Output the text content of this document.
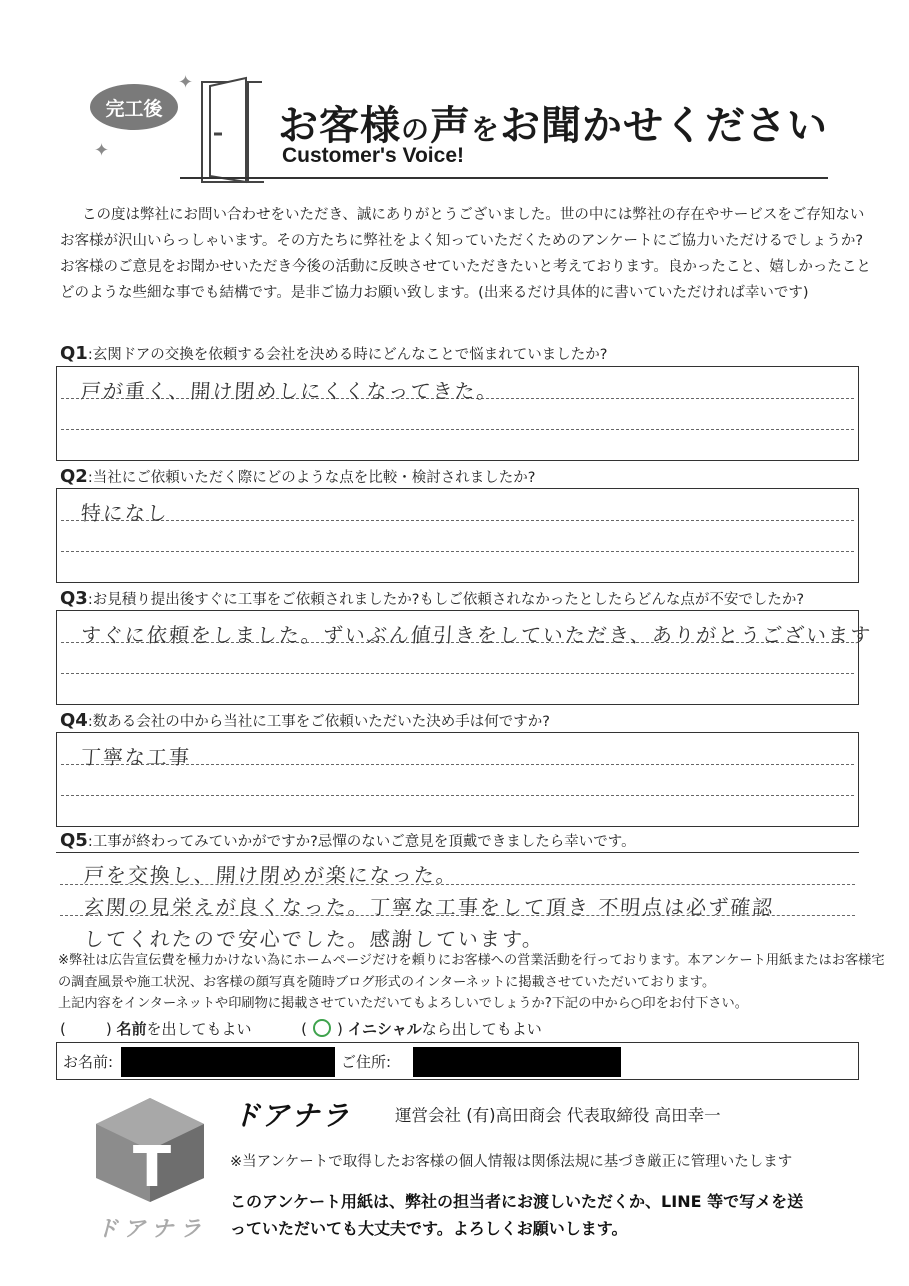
完工後
✦
✦
お客様の声をお聞かせください
Customer's Voice!
この度は弊社にお問い合わせをいただき、誠にありがとうございました。世の中には弊社の存在やサービスをご存知ない
お客様が沢山いらっしゃいます。その方たちに弊社をよく知っていただくためのアンケートにご協力いただけるでしょうか?
お客様のご意見をお聞かせいただき今後の活動に反映させていただきたいと考えております。良かったこと、嬉しかったこと
どのような些細な事でも結構です。是非ご協力お願い致します。(出来るだけ具体的に書いていただければ幸いです)
Q1:玄関ドアの交換を依頼する会社を決める時にどんなことで悩まれていましたか?
戸が重く、開け閉めしにくくなってきた。
Q2:当社にご依頼いただく際にどのような点を比較・検討されましたか?
特になし
Q3:お見積り提出後すぐに工事をご依頼されましたか?もしご依頼されなかったとしたらどんな点が不安でしたか?
すぐに依頼をしました。ずいぶん値引きをしていただき、ありがとうございます
Q4:数ある会社の中から当社に工事をご依頼いただいた決め手は何ですか?
丁寧な工事
Q5:工事が終わってみていかがですか?忌憚のないご意見を頂戴できましたら幸いです。
戸を交換し、開け閉めが楽になった。
玄関の見栄えが良くなった。丁寧な工事をして頂き 不明点は必ず確認
してくれたので安心でした。感謝しています。
※弊社は広告宣伝費を極力かけない為にホームページだけを頼りにお客様への営業活動を行っております。本アンケート用紙またはお客様宅
の調査風景や施工状況、お客様の顔写真を随時ブログ形式のインターネットに掲載させていただいております。
上記内容をインターネットや印刷物に掲載させていただいてもよろしいでしょうか?下記の中から○印をお付下さい。
(	) 名前を出してもよい	( ○ ) イニシャルなら出してもよい
お名前:	ご住所:
T
ドアナラ
ドアナラ	運営会社 (有)高田商会 代表取締役 高田幸一
※当アンケートで取得したお客様の個人情報は関係法規に基づき厳正に管理いたします
このアンケート用紙は、弊社の担当者にお渡しいただくか、LINE 等で写メを送
っていただいても大丈夫です。よろしくお願いします。
